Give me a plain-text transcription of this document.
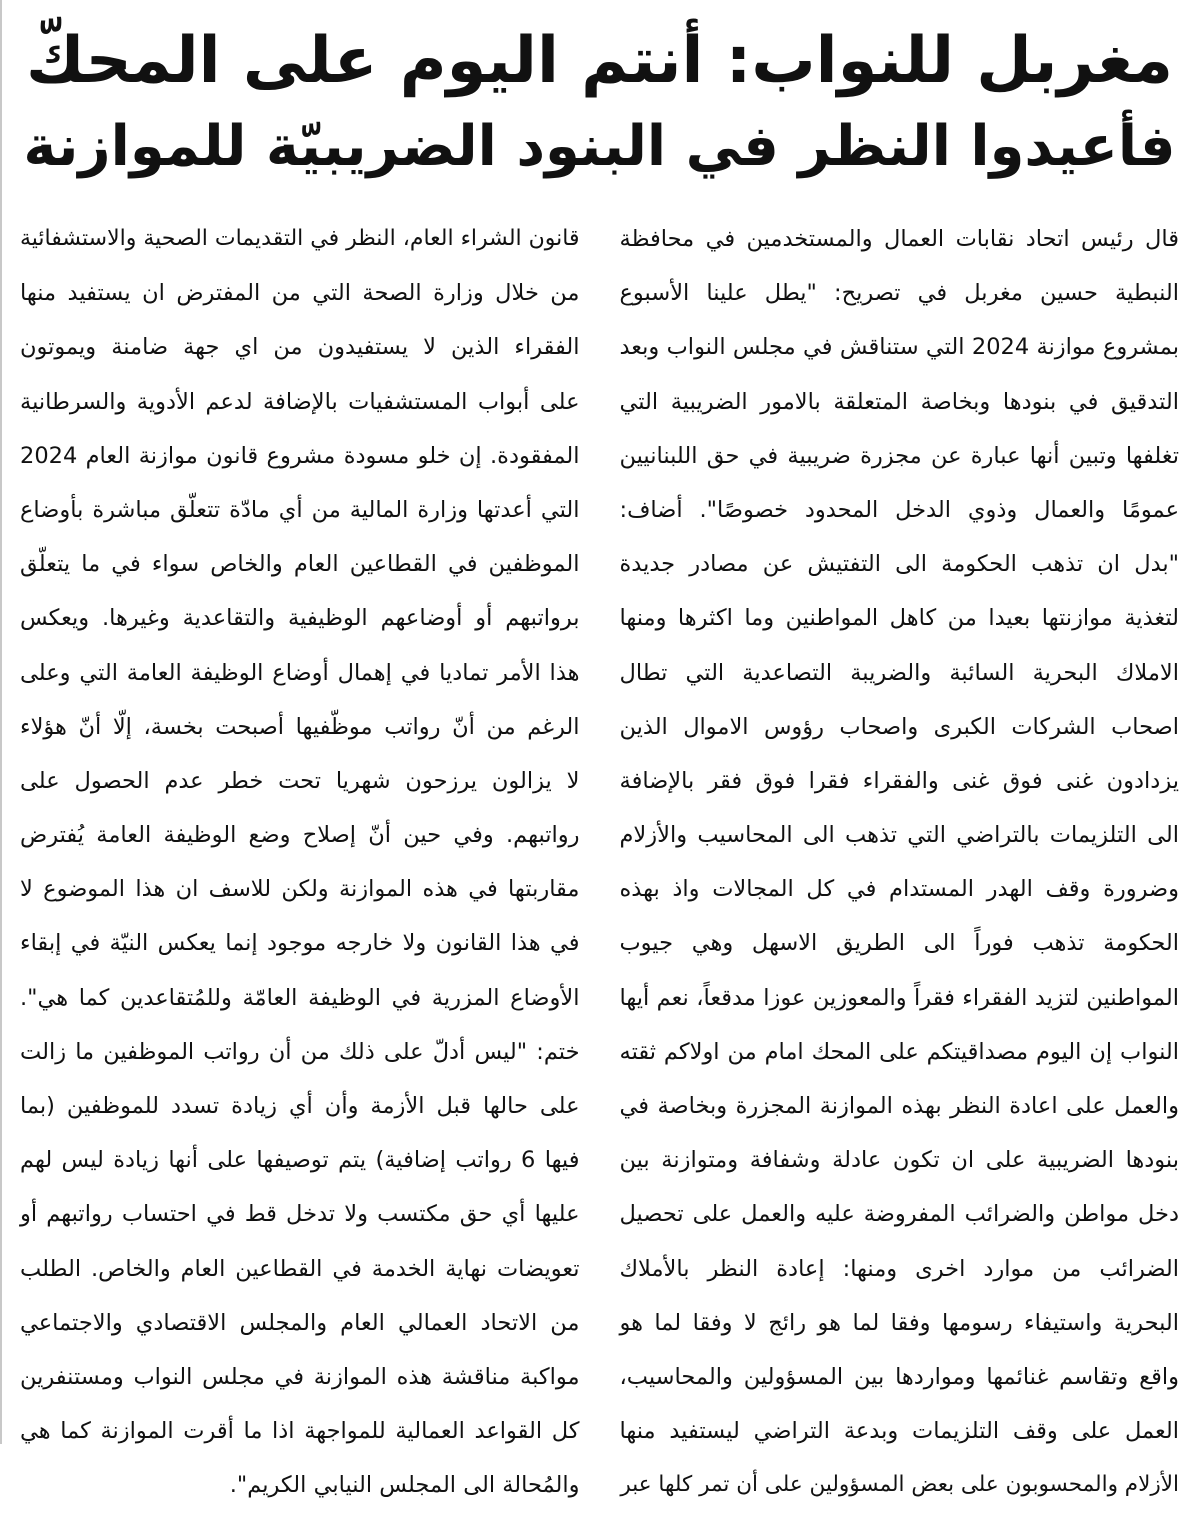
مغربل للنواب: أنتم اليوم على المحكّ
فأعيدوا النظر في البنود الضريبيّة للموازنة
قال رئيس اتحاد نقابات العمال والمستخدمين في محافظة
النبطية حسين مغربل في تصريح: "يطل علينا الأسبوع
بمشروع موازنة 2024 التي ستناقش في مجلس النواب وبعد
التدقيق في بنودها وبخاصة المتعلقة بالامور الضريبية التي
تغلفها وتبين أنها عبارة عن مجزرة ضريبية في حق اللبنانيين
عمومًا والعمال وذوي الدخل المحدود خصوصًا". أضاف:
"بدل ان تذهب الحكومة الى التفتيش عن مصادر جديدة
لتغذية موازنتها بعيدا من كاهل المواطنين وما اكثرها ومنها
الاملاك البحرية السائبة والضريبة التصاعدية التي تطال
اصحاب الشركات الكبرى واصحاب رؤوس الاموال الذين
يزدادون غنى فوق غنى والفقراء فقرا فوق فقر بالإضافة
الى التلزيمات بالتراضي التي تذهب الى المحاسيب والأزلام
وضرورة وقف الهدر المستدام في كل المجالات واذ بهذه
الحكومة تذهب فوراً الى الطريق الاسهل وهي جيوب
المواطنين لتزيد الفقراء فقراً والمعوزين عوزا مدقعاً، نعم أيها
النواب إن اليوم مصداقيتكم على المحك امام من اولاكم ثقته
والعمل على اعادة النظر بهذه الموازنة المجزرة وبخاصة في
بنودها الضريبية على ان تكون عادلة وشفافة ومتوازنة بين
دخل مواطن والضرائب المفروضة عليه والعمل على تحصيل
الضرائب من موارد اخرى ومنها: إعادة النظر بالأملاك
البحرية واستيفاء رسومها وفقا لما هو رائج لا وفقا لما هو
واقع وتقاسم غنائمها ومواردها بين المسؤولين والمحاسيب،
العمل على وقف التلزيمات وبدعة التراضي ليستفيد منها
الأزلام والمحسوبون على بعض المسؤولين على أن تمر كلها عبر
قانون الشراء العام، النظر في التقديمات الصحية والاستشفائية
من خلال وزارة الصحة التي من المفترض ان يستفيد منها
الفقراء الذين لا يستفيدون من اي جهة ضامنة ويموتون
على أبواب المستشفيات بالإضافة لدعم الأدوية والسرطانية
المفقودة. إن خلو مسودة مشروع قانون موازنة العام 2024
التي أعدتها وزارة المالية من أي مادّة تتعلّق مباشرة بأوضاع
الموظفين في القطاعين العام والخاص سواء في ما يتعلّق
برواتبهم أو أوضاعهم الوظيفية والتقاعدية وغيرها. ويعكس
هذا الأمر تماديا في إهمال أوضاع الوظيفة العامة التي وعلى
الرغم من أنّ رواتب موظّفيها أصبحت بخسة، إلّا أنّ هؤلاء
لا يزالون يرزحون شهريا تحت خطر عدم الحصول على
رواتبهم. وفي حين أنّ إصلاح وضع الوظيفة العامة يُفترض
مقاربتها في هذه الموازنة ولكن للاسف ان هذا الموضوع لا
في هذا القانون ولا خارجه موجود إنما يعكس النيّة في إبقاء
الأوضاع المزرية في الوظيفة العامّة وللمُتقاعدين كما هي".
ختم: "ليس أدلّ على ذلك من أن رواتب الموظفين ما زالت
على حالها قبل الأزمة وأن أي زيادة تسدد للموظفين (بما
فيها 6 رواتب إضافية) يتم توصيفها على أنها زيادة ليس لهم
عليها أي حق مكتسب ولا تدخل قط في احتساب رواتبهم أو
تعويضات نهاية الخدمة في القطاعين العام والخاص. الطلب
من الاتحاد العمالي العام والمجلس الاقتصادي والاجتماعي
مواكبة مناقشة هذه الموازنة في مجلس النواب ومستنفرين
كل القواعد العمالية للمواجهة اذا ما أقرت الموازنة كما هي
والمُحالة الى المجلس النيابي الكريم".
